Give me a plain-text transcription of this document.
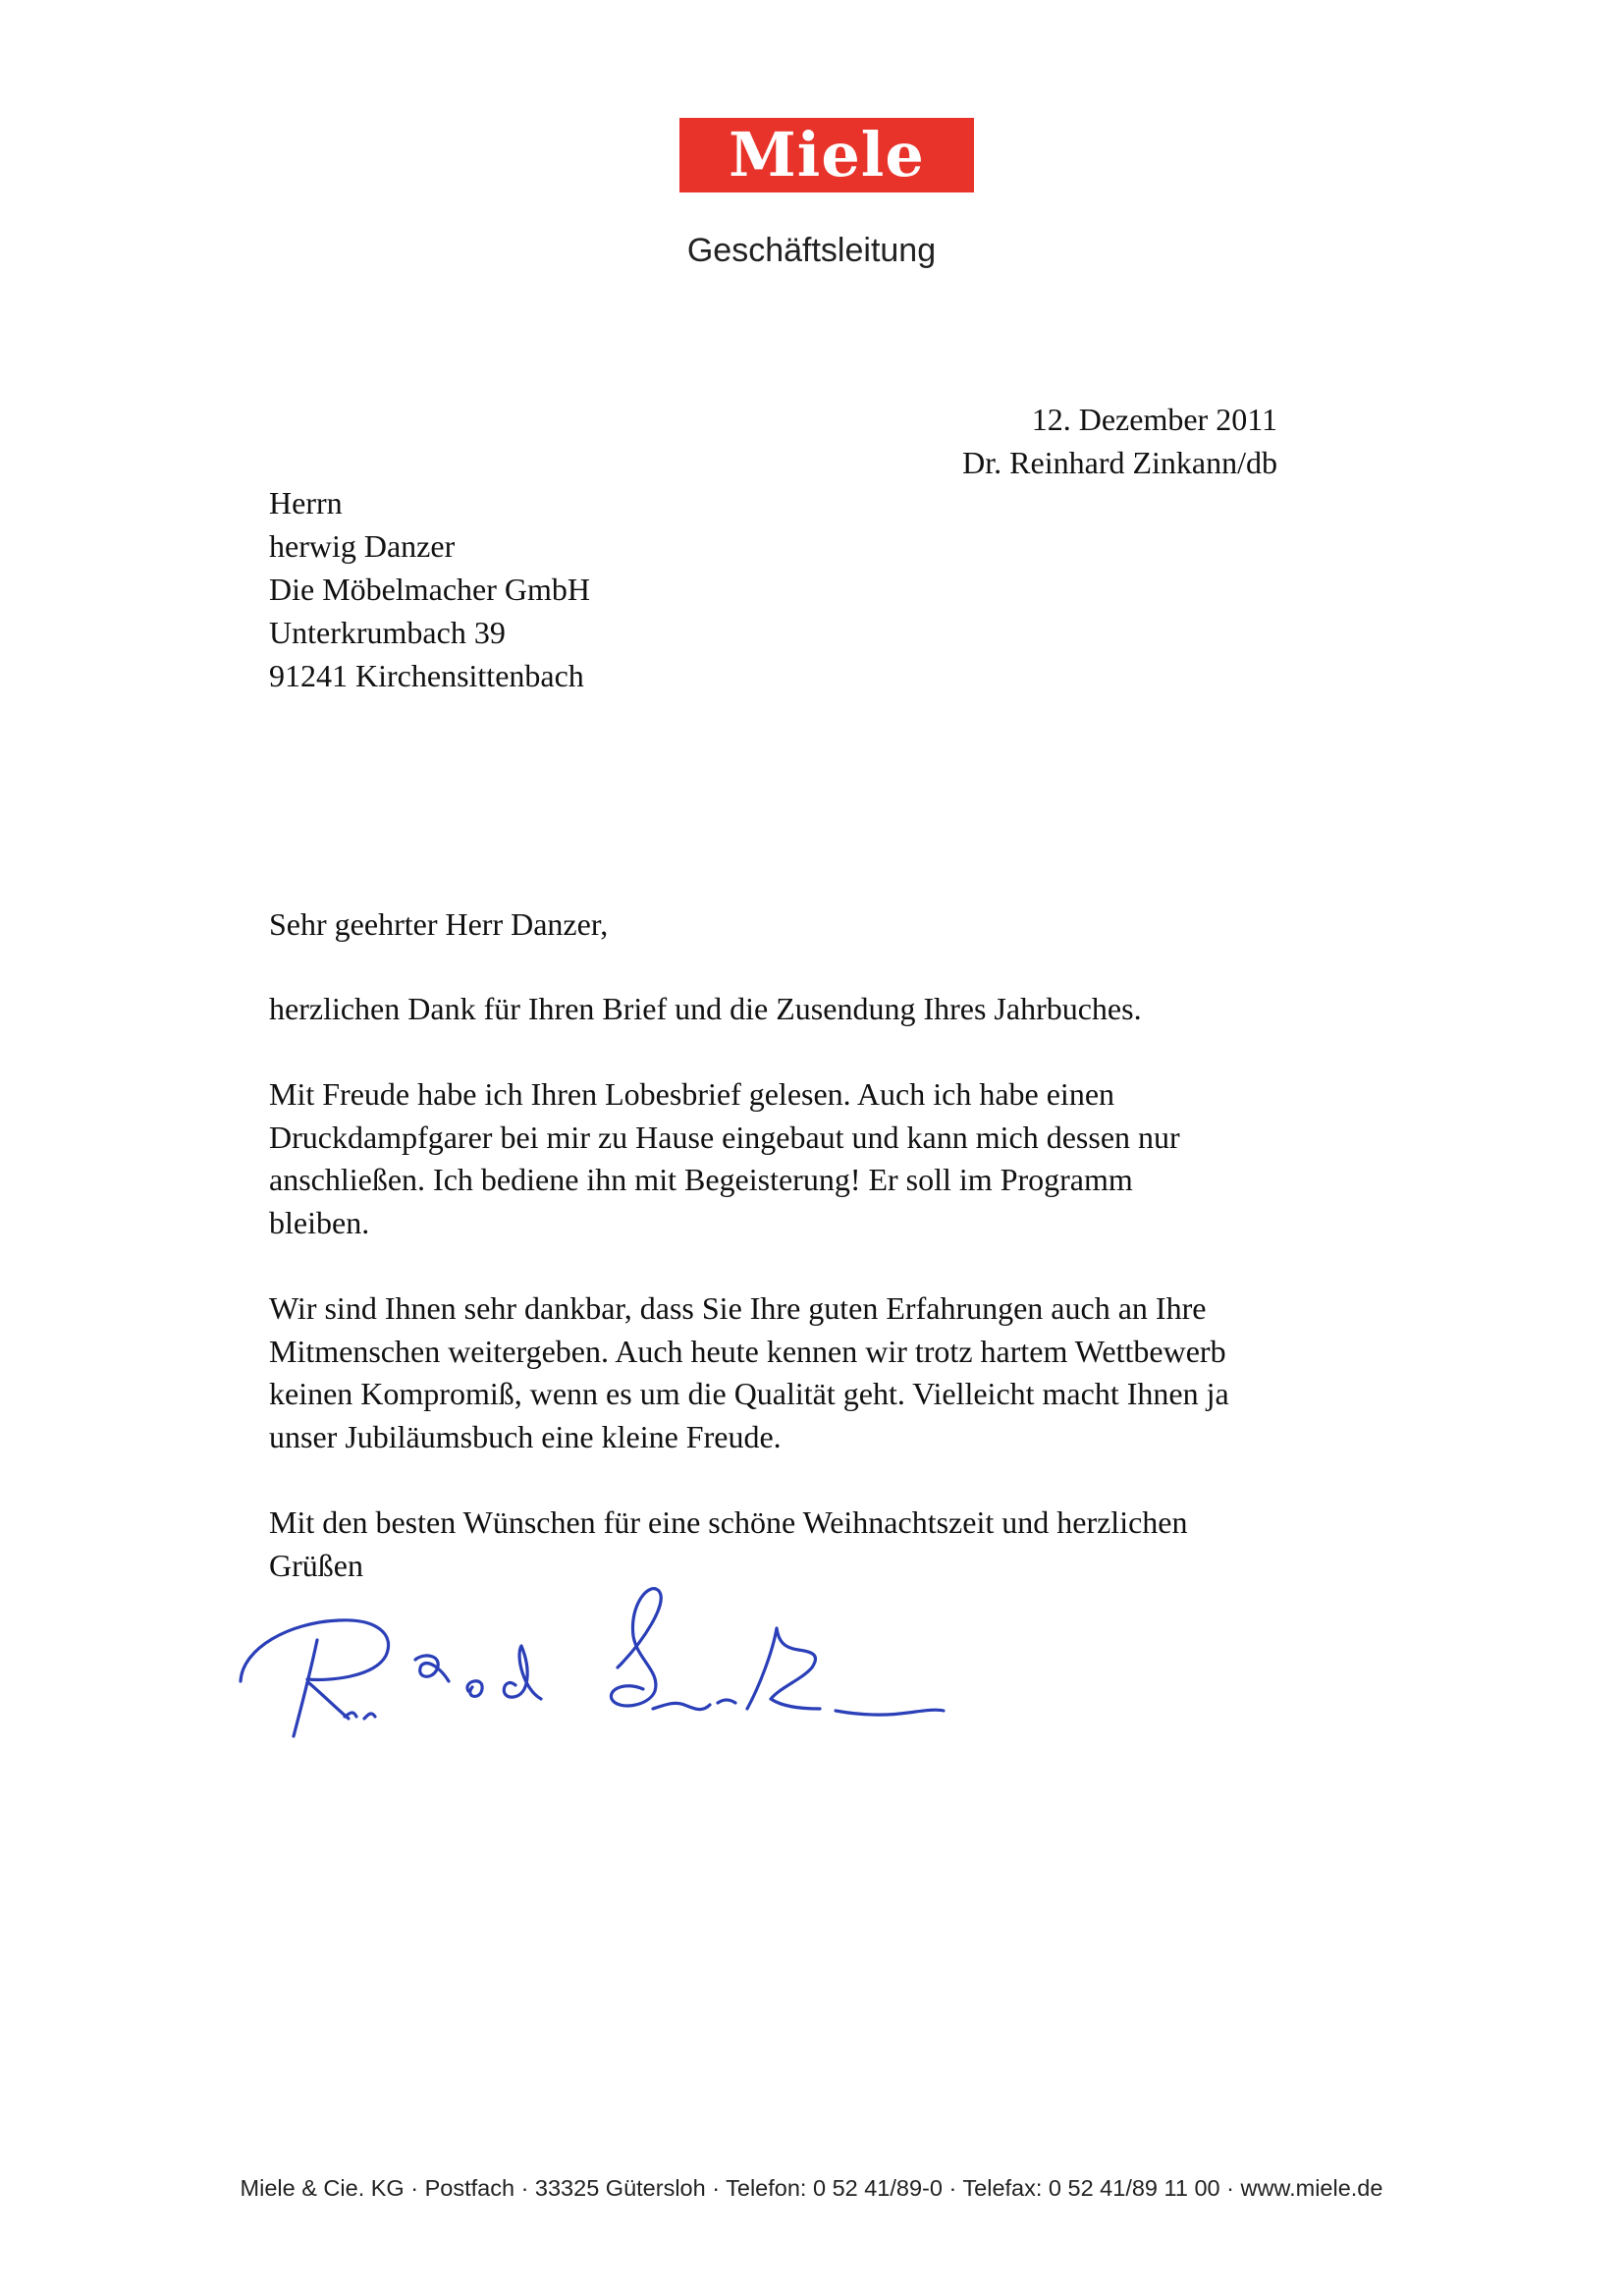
Miele
Geschäftsleitung
12. Dezember 2011
Dr. Reinhard Zinkann/db
Herrn
herwig Danzer
Die Möbelmacher GmbH
Unterkrumbach 39
91241 Kirchensittenbach

Sehr geehrter Herr Danzer,

herzlichen Dank für Ihren Brief und die Zusendung Ihres Jahrbuches.

Mit Freude habe ich Ihren Lobesbrief gelesen. Auch ich habe einen
Druckdampfgarer bei mir zu Hause eingebaut und kann mich dessen nur
anschließen. Ich bediene ihn mit Begeisterung! Er soll im Programm
bleiben.

Wir sind Ihnen sehr dankbar, dass Sie Ihre guten Erfahrungen auch an Ihre
Mitmenschen weitergeben. Auch heute kennen wir trotz hartem Wettbewerb
keinen Kompromiß, wenn es um die Qualität geht. Vielleicht macht Ihnen ja
unser Jubiläumsbuch eine kleine Freude.

Mit den besten Wünschen für eine schöne Weihnachtszeit und herzlichen
Grüßen

Miele & Cie. KG · Postfach · 33325 Gütersloh · Telefon: 0 52 41/89-0 · Telefax: 0 52 41/89 11 00 · www.miele.de
